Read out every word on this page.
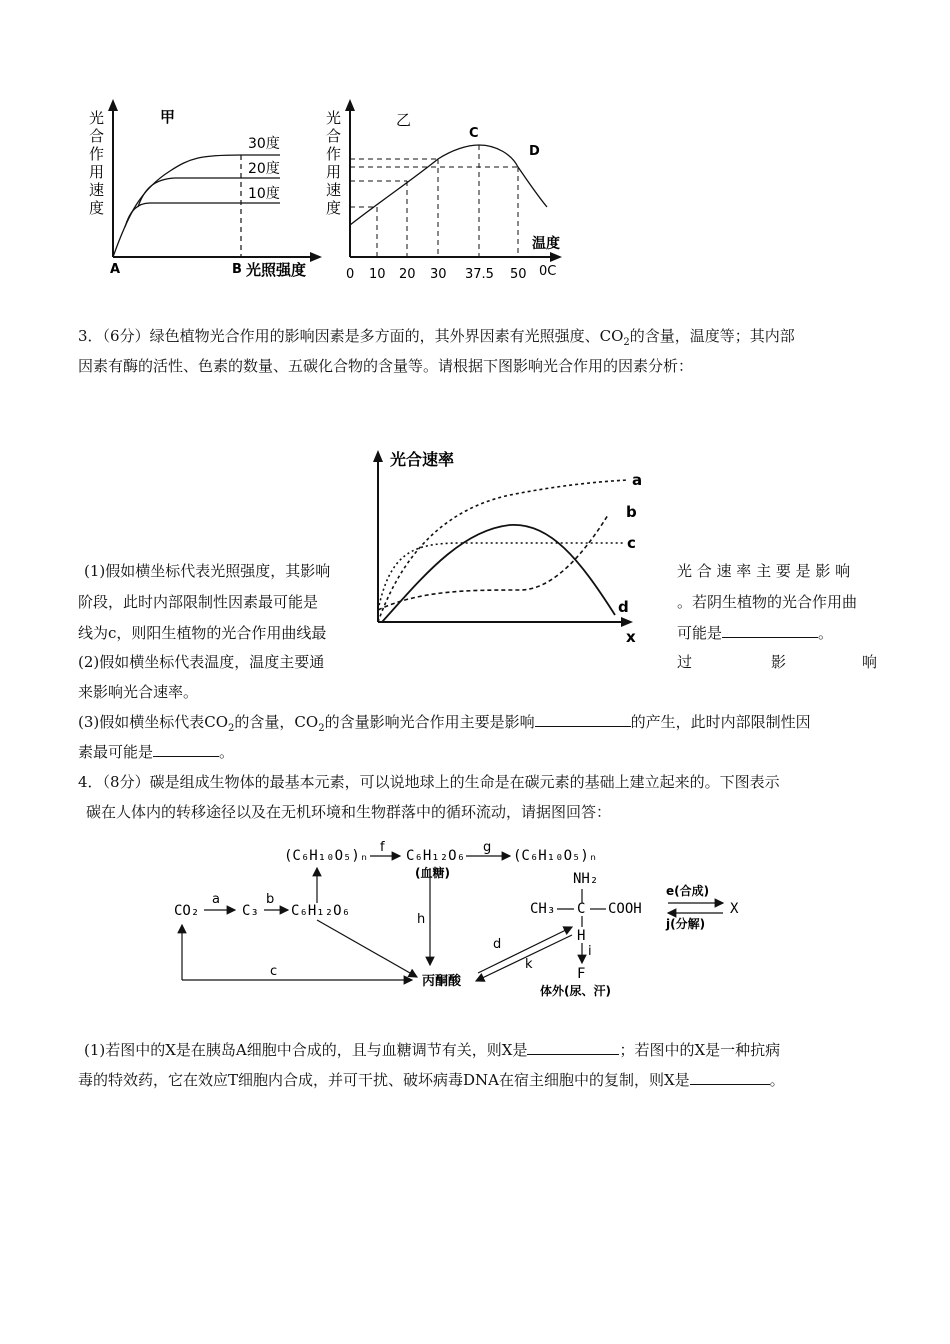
甲
光
合
作
用
速
度
30度
20度
10度
A	B 光照强度
乙
光
合
作
用
速
度
C
D
温度
0C
0 10 20 30 37.5 50
3．（6分）绿色植物光合作用的影响因素是多方面的，其外界因素有光照强度、$CO_2$的含量，温度等；其内部
因素有酶的活性、色素的数量、五碳化合物的含量等。请根据下图影响光合作用的因素分析：
光合速率
a
b
c
d
x
(1)假如横坐标代表光照强度，其影响	光 合 速 率 主 要 是 影 响
阶段，此时内部限制性因素最可能是	。若阴生植物的光合作用曲
线为c，则阳生植物的光合作用曲线最	可能是	。
(2)假如横坐标代表温度，温度主要通	过	影	响
来影响光合速率。
(3)假如横坐标代表$CO_2$的含量，$CO_2$的含量影响光合作用主要是影响	的产生，此时内部限制性因
素最可能是	。
4．（8分）碳是组成生物体的最基本元素，可以说地球上的生命是在碳元素的基础上建立起来的。下图表示
碳在人体内的转移途径以及在无机环境和生物群落中的循环流动，请据图回答：
(C₆H₁₀O₅)ₙ
f
C₆H₁₂O₆
g
(C₆H₁₀O₅)ₙ
(血糖)
CO₂
a
C₃
b
C₆H₁₂O₆
h
c
丙酮酸
d
k
NH₂
CH₃ C COOH
H
i
F
体外(尿、汗)
e(合成)
j(分解)
X
(1)若图中的X是在胰岛A细胞中合成的，且与血糖调节有关，则X是	；若图中的X是一种抗病
毒的特效药，它在效应T细胞内合成，并可干扰、破坏病毒DNA在宿主细胞中的复制，则X是	。
